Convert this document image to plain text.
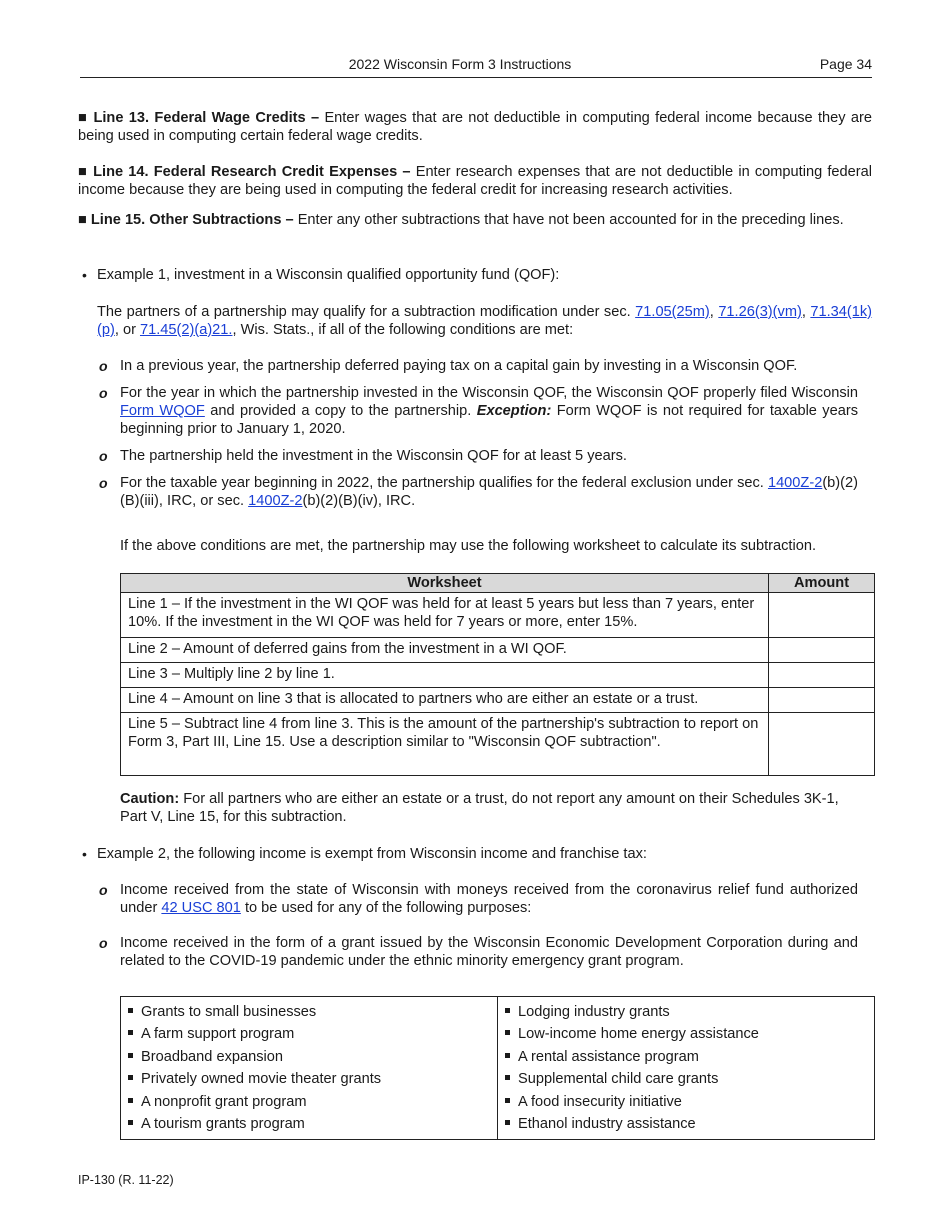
2022 Wisconsin Form 3 Instructions	Page 34
■ Line 13. Federal Wage Credits – Enter wages that are not deductible in computing federal income because they are being used in computing certain federal wage credits.
■ Line 14. Federal Research Credit Expenses – Enter research expenses that are not deductible in computing federal income because they are being used in computing the federal credit for increasing research activities.
■ Line 15. Other Subtractions – Enter any other subtractions that have not been accounted for in the preceding lines.
• Example 1, investment in a Wisconsin qualified opportunity fund (QOF):
The partners of a partnership may qualify for a subtraction modification under sec. 71.05(25m), 71.26(3)(vm), 71.34(1k)(p), or 71.45(2)(a)21., Wis. Stats., if all of the following conditions are met:
o In a previous year, the partnership deferred paying tax on a capital gain by investing in a Wisconsin QOF.
o For the year in which the partnership invested in the Wisconsin QOF, the Wisconsin QOF properly filed Wisconsin Form WQOF and provided a copy to the partnership. Exception: Form WQOF is not required for taxable years beginning prior to January 1, 2020.
o The partnership held the investment in the Wisconsin QOF for at least 5 years.
o For the taxable year beginning in 2022, the partnership qualifies for the federal exclusion under sec. 1400Z-2(b)(2)(B)(iii), IRC, or sec. 1400Z-2(b)(2)(B)(iv), IRC.
If the above conditions are met, the partnership may use the following worksheet to calculate its subtraction.
Worksheet	Amount
Line 1 – If the investment in the WI QOF was held for at least 5 years but less than 7 years, enter 10%. If the investment in the WI QOF was held for 7 years or more, enter 15%.	
Line 2 – Amount of deferred gains from the investment in a WI QOF.	
Line 3 – Multiply line 2 by line 1.	
Line 4 – Amount on line 3 that is allocated to partners who are either an estate or a trust.	
Line 5 – Subtract line 4 from line 3. This is the amount of the partnership's subtraction to report on Form 3, Part III, Line 15. Use a description similar to "Wisconsin QOF subtraction".	
Caution: For all partners who are either an estate or a trust, do not report any amount on their Schedules 3K-1, Part V, Line 15, for this subtraction.
• Example 2, the following income is exempt from Wisconsin income and franchise tax:
o Income received from the state of Wisconsin with moneys received from the coronavirus relief fund authorized under 42 USC 801 to be used for any of the following purposes:
o Income received in the form of a grant issued by the Wisconsin Economic Development Corporation during and related to the COVID-19 pandemic under the ethnic minority emergency grant program.
Grants to small businesses
A farm support program
Broadband expansion
Privately owned movie theater grants
A nonprofit grant program
A tourism grants program

Lodging industry grants
Low-income home energy assistance
A rental assistance program
Supplemental child care grants
A food insecurity initiative
Ethanol industry assistance
IP-130 (R. 11-22)
